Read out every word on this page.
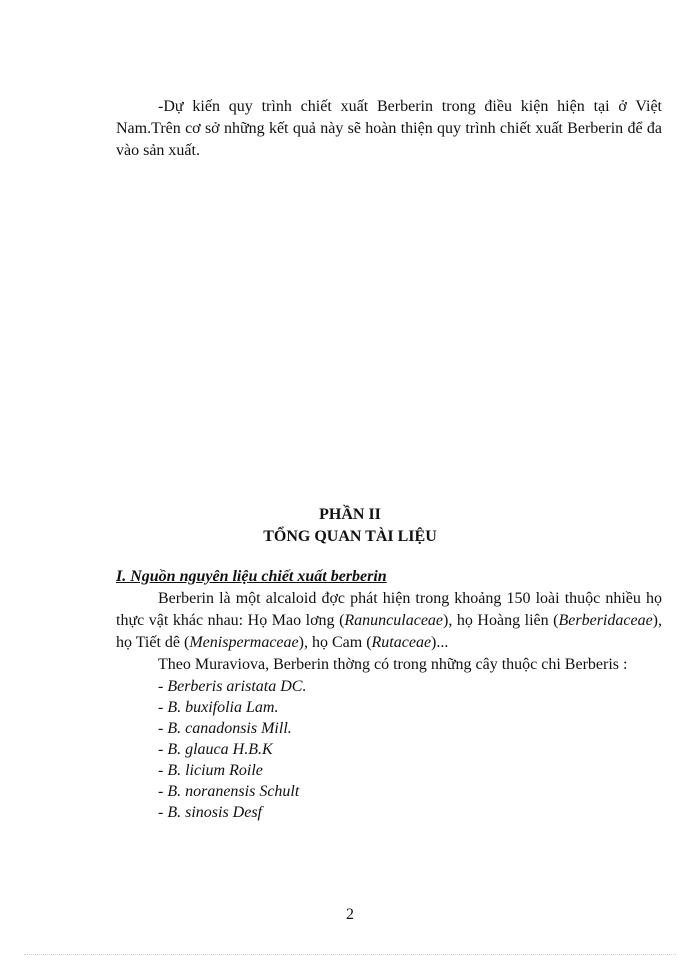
-Dự kiến quy trình chiết xuất Berberin trong điều kiện hiện tại ở Việt Nam.Trên cơ sở những kết quả này sẽ hoàn thiện quy trình chiết xuất Berberin để đa vào sản xuất.
PHẦN II
TỔNG QUAN TÀI LIỆU
I. Nguồn nguyên liệu chiết xuất berberin

Berberin là một alcaloid đợc phát hiện trong khoảng 150 loài thuộc nhiều họ thực vật khác nhau: Họ Mao lơng (Ranunculaceae), họ Hoàng liên (Berberidaceae), họ Tiết dê (Menispermaceae), họ Cam (Rutaceae)...

Theo Muraviova, Berberin thờng có trong những cây thuộc chi Berberis :

- Berberis aristata DC.
- B. buxifolia Lam.
- B. canadonsis Mill.
- B. glauca H.B.K
- B. licium Roile
- B. noranensis Schult
- B. sinosis Desf
2
